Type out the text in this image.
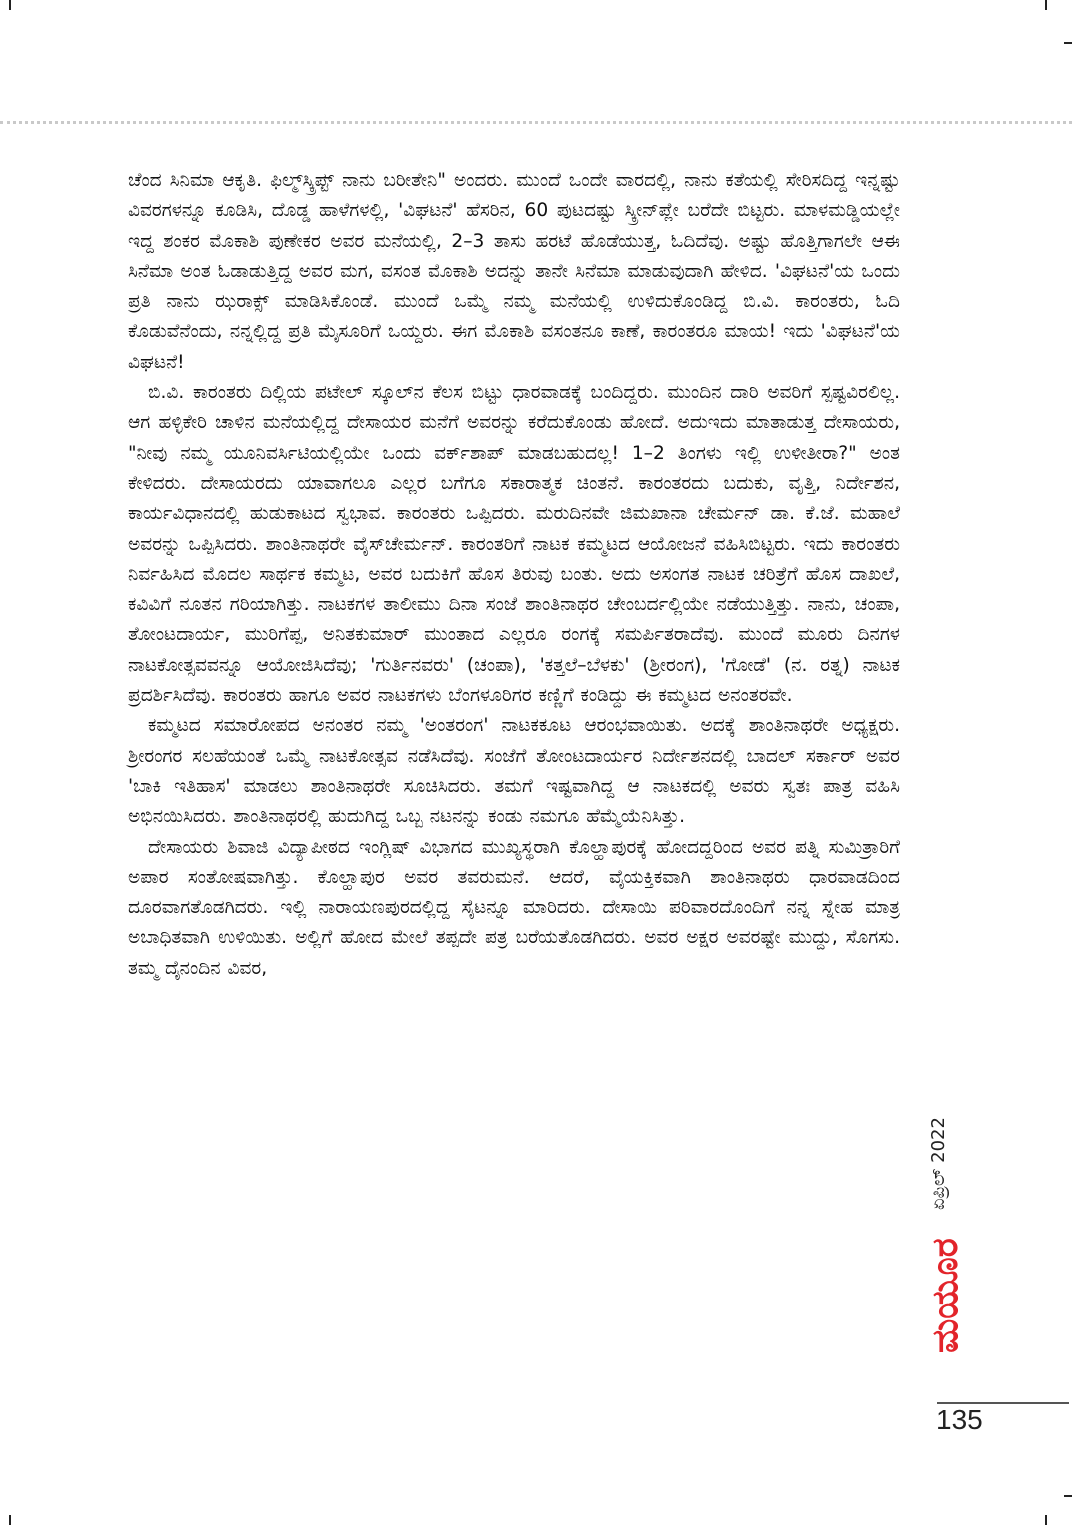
ಚೆಂದ ಸಿನಿಮಾ ಆಕೃತಿ. ಫಿಲ್ಮ್‌ಸ್ಕ್ರಿಪ್ಟ್ ನಾನು ಬರೀತೇನಿ" ಅಂದರು. ಮುಂದೆ ಒಂದೇ ವಾರದಲ್ಲಿ, ನಾನು ಕತೆಯಲ್ಲಿ ಸೇರಿಸದಿದ್ದ ಇನ್ನಷ್ಟು ವಿವರಗಳನ್ನೂ ಕೂಡಿಸಿ, ದೊಡ್ಡ ಹಾಳೆಗಳಲ್ಲಿ, 'ವಿಘಟನೆ' ಹೆಸರಿನ, 60 ಪುಟದಷ್ಟು ಸ್ಕ್ರೀನ್‌ಪ್ಲೇ ಬರೆದೇ ಬಿಟ್ಟರು. ಮಾಳಮಡ್ಡಿಯಲ್ಲೇ ಇದ್ದ ಶಂಕರ ಮೊಕಾಶಿ ಪುಣೇಕರ ಅವರ ಮನೆಯಲ್ಲಿ, 2–3 ತಾಸು ಹರಟೆ ಹೊಡೆಯುತ್ತ, ಓದಿದೆವು. ಅಷ್ಟು ಹೊತ್ತಿಗಾಗಲೇ ಆಈ ಸಿನೆಮಾ ಅಂತ ಓಡಾಡುತ್ತಿದ್ದ ಅವರ ಮಗ, ವಸಂತ ಮೊಕಾಶಿ ಅದನ್ನು ತಾನೇ ಸಿನೆಮಾ ಮಾಡುವುದಾಗಿ ಹೇಳಿದ. 'ವಿಘಟನೆ'ಯ ಒಂದು ಪ್ರತಿ ನಾನು ಝರಾಕ್ಸ್ ಮಾಡಿಸಿಕೊಂಡೆ. ಮುಂದೆ ಒಮ್ಮೆ ನಮ್ಮ ಮನೆಯಲ್ಲಿ ಉಳಿದುಕೊಂಡಿದ್ದ ಬಿ.ವಿ. ಕಾರಂತರು, ಓದಿ ಕೊಡುವೆನೆಂದು, ನನ್ನಲ್ಲಿದ್ದ ಪ್ರತಿ ಮೈಸೂರಿಗೆ ಒಯ್ದರು. ಈಗ ಮೊಕಾಶಿ ವಸಂತನೂ ಕಾಣೆ, ಕಾರಂತರೂ ಮಾಯ! ಇದು 'ವಿಘಟನೆ'ಯ ವಿಘಟನೆ!

ಬಿ.ವಿ. ಕಾರಂತರು ದಿಲ್ಲಿಯ ಪಟೇಲ್ ಸ್ಕೂಲ್‌ನ ಕೆಲಸ ಬಿಟ್ಟು ಧಾರವಾಡಕ್ಕೆ ಬಂದಿದ್ದರು. ಮುಂದಿನ ದಾರಿ ಅವರಿಗೆ ಸ್ಪಷ್ಟವಿರಲಿಲ್ಲ. ಆಗ ಹಳ್ಳಿಕೇರಿ ಚಾಳಿನ ಮನೆಯಲ್ಲಿದ್ದ ದೇಸಾಯರ ಮನೆಗೆ ಅವರನ್ನು ಕರೆದುಕೊಂಡು ಹೋದೆ. ಅದುಇದು ಮಾತಾಡುತ್ತ ದೇಸಾಯರು, "ನೀವು ನಮ್ಮ ಯೂನಿವರ್ಸಿಟಿಯಲ್ಲಿಯೇ ಒಂದು ವರ್ಕ್‌ಶಾಪ್ ಮಾಡಬಹುದಲ್ಲ! 1–2 ತಿಂಗಳು ಇಲ್ಲಿ ಉಳೀತೀರಾ?" ಅಂತ ಕೇಳಿದರು. ದೇಸಾಯರದು ಯಾವಾಗಲೂ ಎಲ್ಲರ ಬಗೆಗೂ ಸಕಾರಾತ್ಮಕ ಚಿಂತನೆ. ಕಾರಂತರದು ಬದುಕು, ವೃತ್ತಿ, ನಿರ್ದೇಶನ, ಕಾರ್ಯವಿಧಾನದಲ್ಲಿ ಹುಡುಕಾಟದ ಸ್ವಭಾವ. ಕಾರಂತರು ಒಪ್ಪಿದರು. ಮರುದಿನವೇ ಜಿಮಖಾನಾ ಚೇರ್ಮನ್ ಡಾ. ಕೆ.ಜೆ. ಮಹಾಲೆ ಅವರನ್ನು ಒಪ್ಪಿಸಿದರು. ಶಾಂತಿನಾಥರೇ ವೈಸ್‌ಚೇರ್ಮನ್. ಕಾರಂತರಿಗೆ ನಾಟಕ ಕಮ್ಮಟದ ಆಯೋಜನೆ ವಹಿಸಿಬಿಟ್ಟರು. ಇದು ಕಾರಂತರು ನಿರ್ವಹಿಸಿದ ಮೊದಲ ಸಾರ್ಥಕ ಕಮ್ಮಟ, ಅವರ ಬದುಕಿಗೆ ಹೊಸ ತಿರುವು ಬಂತು. ಅದು ಅಸಂಗತ ನಾಟಕ ಚರಿತ್ರೆಗೆ ಹೊಸ ದಾಖಲೆ, ಕವಿವಿಗೆ ನೂತನ ಗರಿಯಾಗಿತ್ತು. ನಾಟಕಗಳ ತಾಲೀಮು ದಿನಾ ಸಂಜೆ ಶಾಂತಿನಾಥರ ಚೇಂಬರ್ದಲ್ಲಿಯೇ ನಡೆಯುತ್ತಿತ್ತು. ನಾನು, ಚಂಪಾ, ತೋಂಟದಾರ್ಯ, ಮುರಿಗೆಪ್ಪ, ಅನಿತಕುಮಾರ್ ಮುಂತಾದ ಎಲ್ಲರೂ ರಂಗಕ್ಕೆ ಸಮರ್ಪಿತರಾದೆವು. ಮುಂದೆ ಮೂರು ದಿನಗಳ ನಾಟಕೋತ್ಸವವನ್ನೂ ಆಯೋಜಿಸಿದೆವು; 'ಗುರ್ತಿನವರು' (ಚಂಪಾ), 'ಕತ್ತಲೆ–ಬೆಳಕು' (ಶ್ರೀರಂಗ), 'ಗೋಡೆ' (ನ. ರತ್ನ) ನಾಟಕ ಪ್ರದರ್ಶಿಸಿದೆವು. ಕಾರಂತರು ಹಾಗೂ ಅವರ ನಾಟಕಗಳು ಬೆಂಗಳೂರಿಗರ ಕಣ್ಣಿಗೆ ಕಂಡಿದ್ದು ಈ ಕಮ್ಮಟದ ಅನಂತರವೇ.

ಕಮ್ಮಟದ ಸಮಾರೋಪದ ಅನಂತರ ನಮ್ಮ 'ಅಂತರಂಗ' ನಾಟಕಕೂಟ ಆರಂಭವಾಯಿತು. ಅದಕ್ಕೆ ಶಾಂತಿನಾಥರೇ ಅಧ್ಯಕ್ಷರು. ಶ್ರೀರಂಗರ ಸಲಹೆಯಂತೆ ಒಮ್ಮೆ ನಾಟಕೋತ್ಸವ ನಡೆಸಿದೆವು. ಸಂಜೆಗೆ ತೋಂಟದಾರ್ಯರ ನಿರ್ದೇಶನದಲ್ಲಿ ಬಾದಲ್ ಸರ್ಕಾರ್ ಅವರ 'ಬಾಕಿ ಇತಿಹಾಸ' ಮಾಡಲು ಶಾಂತಿನಾಥರೇ ಸೂಚಿಸಿದರು. ತಮಗೆ ಇಷ್ಟವಾಗಿದ್ದ ಆ ನಾಟಕದಲ್ಲಿ ಅವರು ಸ್ವತಃ ಪಾತ್ರ ವಹಿಸಿ ಅಭಿನಯಿಸಿದರು. ಶಾಂತಿನಾಥರಲ್ಲಿ ಹುದುಗಿದ್ದ ಒಬ್ಬ ನಟನನ್ನು ಕಂಡು ನಮಗೂ ಹೆಮ್ಮೆಯೆನಿಸಿತ್ತು.

ದೇಸಾಯರು ಶಿವಾಜಿ ವಿದ್ಯಾಪೀಠದ ಇಂಗ್ಲಿಷ್ ವಿಭಾಗದ ಮುಖ್ಯಸ್ಥರಾಗಿ ಕೊಲ್ಹಾಪುರಕ್ಕೆ ಹೋದದ್ದರಿಂದ ಅವರ ಪತ್ನಿ ಸುಮಿತ್ರಾರಿಗೆ ಅಪಾರ ಸಂತೋಷವಾಗಿತ್ತು. ಕೊಲ್ಹಾಪುರ ಅವರ ತವರುಮನೆ. ಆದರೆ, ವೈಯಕ್ತಿಕವಾಗಿ ಶಾಂತಿನಾಥರು ಧಾರವಾಡದಿಂದ ದೂರವಾಗತೊಡಗಿದರು. ಇಲ್ಲಿ ನಾರಾಯಣಪುರದಲ್ಲಿದ್ದ ಸೈಟನ್ನೂ ಮಾರಿದರು. ದೇಸಾಯಿ ಪರಿವಾರದೊಂದಿಗೆ ನನ್ನ ಸ್ನೇಹ ಮಾತ್ರ ಅಬಾಧಿತವಾಗಿ ಉಳಿಯಿತು. ಅಲ್ಲಿಗೆ ಹೋದ ಮೇಲೆ ತಪ್ಪದೇ ಪತ್ರ ಬರೆಯತೊಡಗಿದರು. ಅವರ ಅಕ್ಷರ ಅವರಷ್ಟೇ ಮುದ್ದು, ಸೊಗಸು. ತಮ್ಮ ದೈನಂದಿನ ವಿವರ,

ಏಪ್ರಿಲ್ 2022
ಮಯೂರ
135
